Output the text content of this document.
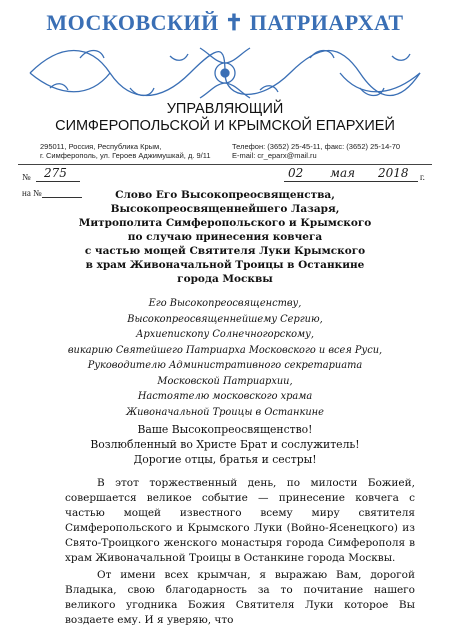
МОСКОВСКИЙ ✝ ПАТРИАРХАТ
УПРАВЛЯЮЩИЙ
СИМФЕРОПОЛЬСКОЙ И КРЫМСКОЙ ЕПАРХИЕЙ
295011, Россия, Республика Крым,
г. Симферополь, ул. Героев Аджимушкай, д. 9/11
Телефон: (3652) 25-45-11, факс: (3652) 25-14-70
E-mail: cr_eparx@mail.ru
№ 275
на №
02 мая 2018 г.
Слово Его Высокопреосвященства,
Высокопреосвященнейшего Лазаря,
Митрополита Симферопольского и Крымского
по случаю принесения ковчега
с частью мощей Святителя Луки Крымского
в храм Живоначальной Троицы в Останкине
города Москвы
Его Высокопреосвященству,
Высокопреосвященнейшему Сергию,
Архиепископу Солнечногорскому,
викарию Святейшего Патриарха Московского и всея Руси,
Руководителю Административного секретариата
Московской Патриархии,
Настоятелю московского храма
Живоначальной Троицы в Останкине
Ваше Высокопреосвященство!
Возлюбленный во Христе Брат и сослужитель!
Дорогие отцы, братья и сестры!
В этот торжественный день, по милости Божией, совершается великое событие — принесение ковчега с частью мощей известного всему миру святителя Симферопольского и Крымского Луки (Войно-Ясенецкого) из Свято-Троицкого женского монастыря города Симферополя в храм Живоначальной Троицы в Останкине города Москвы.
От имени всех крымчан, я выражаю Вам, дорогой Владыка, свою благодарность за то почитание нашего великого угодника Божия Святителя Луки которое Вы воздаете ему. И я уверяю, что
